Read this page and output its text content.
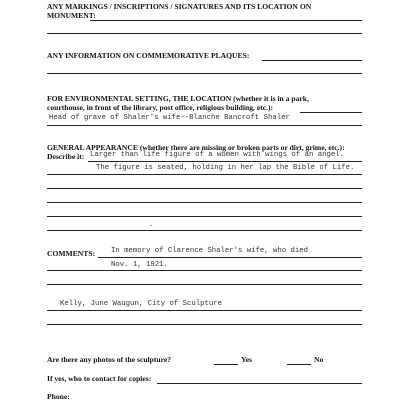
ANY MARKINGS / INSCRIPTIONS / SIGNATURES AND ITS LOCATION ON
MONUMENT:
ANY INFORMATION ON COMMEMORATIVE PLAQUES:
FOR ENVIRONMENTAL SETTING, THE LOCATION (whether it is in a park,
courthouse, in front of the library, post office, religious building, etc.):
Head of grave of Shaler's wife--Blanche Bancroft Shaler
GENERAL APPEARANCE (whether there are missing or broken parts or dirt, grime, etc.):
Describe it: Larger than life figure of a women with wings of an angel.
The figure is seated, holding in her lap the Bible of Life.
COMMENTS: In memory of Clarence Shaler's wife, who died
Nov. 1, 1921.
Kelly, June Waugun, City of Sculpture
Are there any photos of the sculpture?	Yes	No
If yes, who to contact for copies:
Phone:
